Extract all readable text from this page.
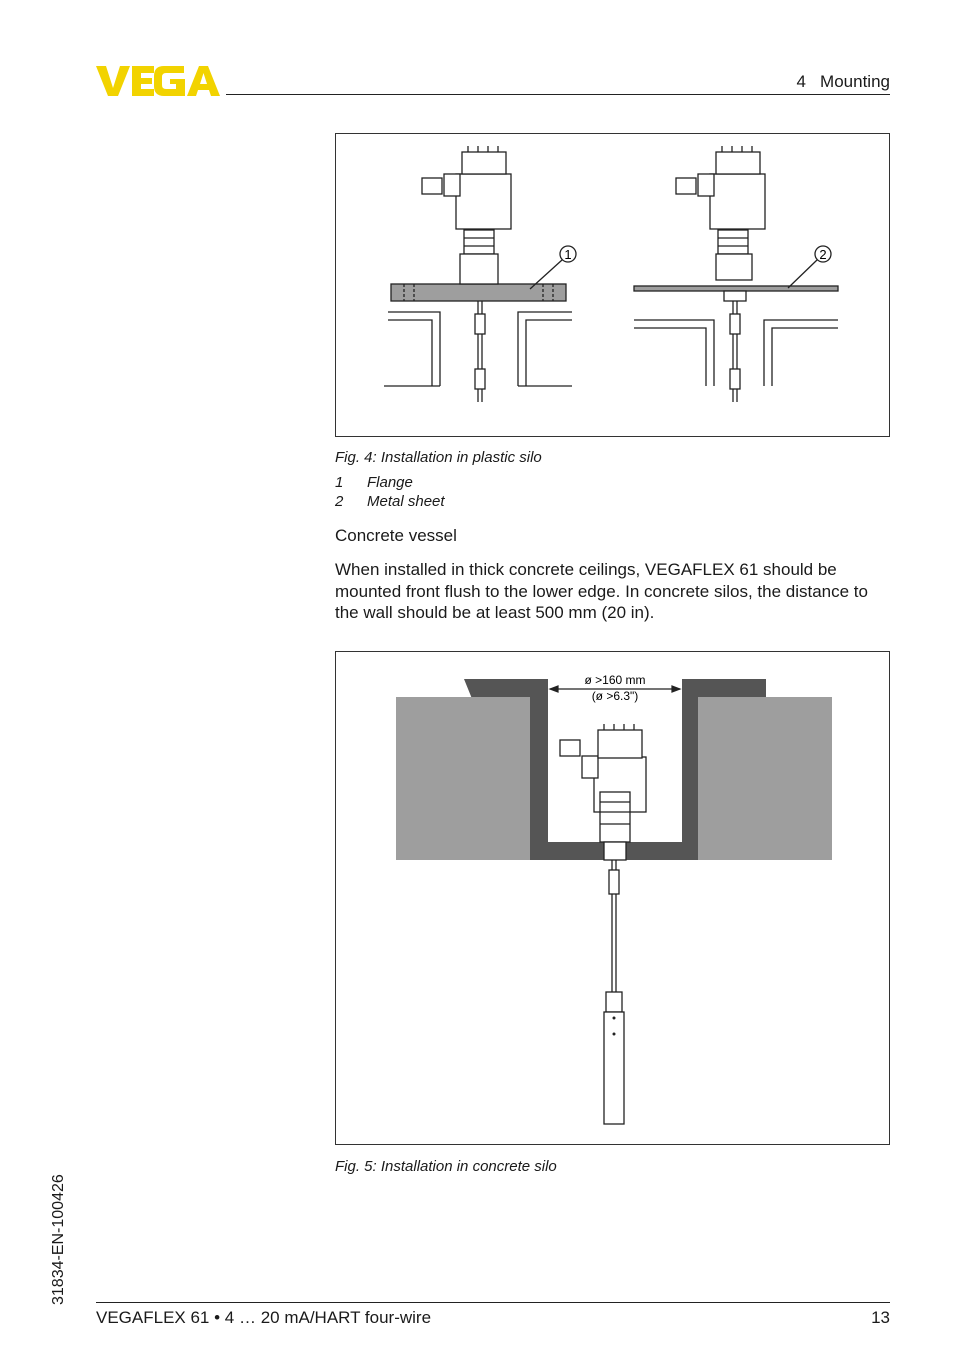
4   Mounting
1	2
Fig. 4: Installation in plastic silo
1 Flange
2 Metal sheet
Concrete vessel
When installed in thick concrete ceilings, VEGAFLEX 61 should be mounted front flush to the lower edge. In concrete silos, the distance to the wall should be at least 500 mm (20 in).
ø >160 mm
(ø >6.3")
Fig. 5: Installation in concrete silo
31834-EN-100426
VEGAFLEX 61 • 4 … 20 mA/HART four-wire	13
